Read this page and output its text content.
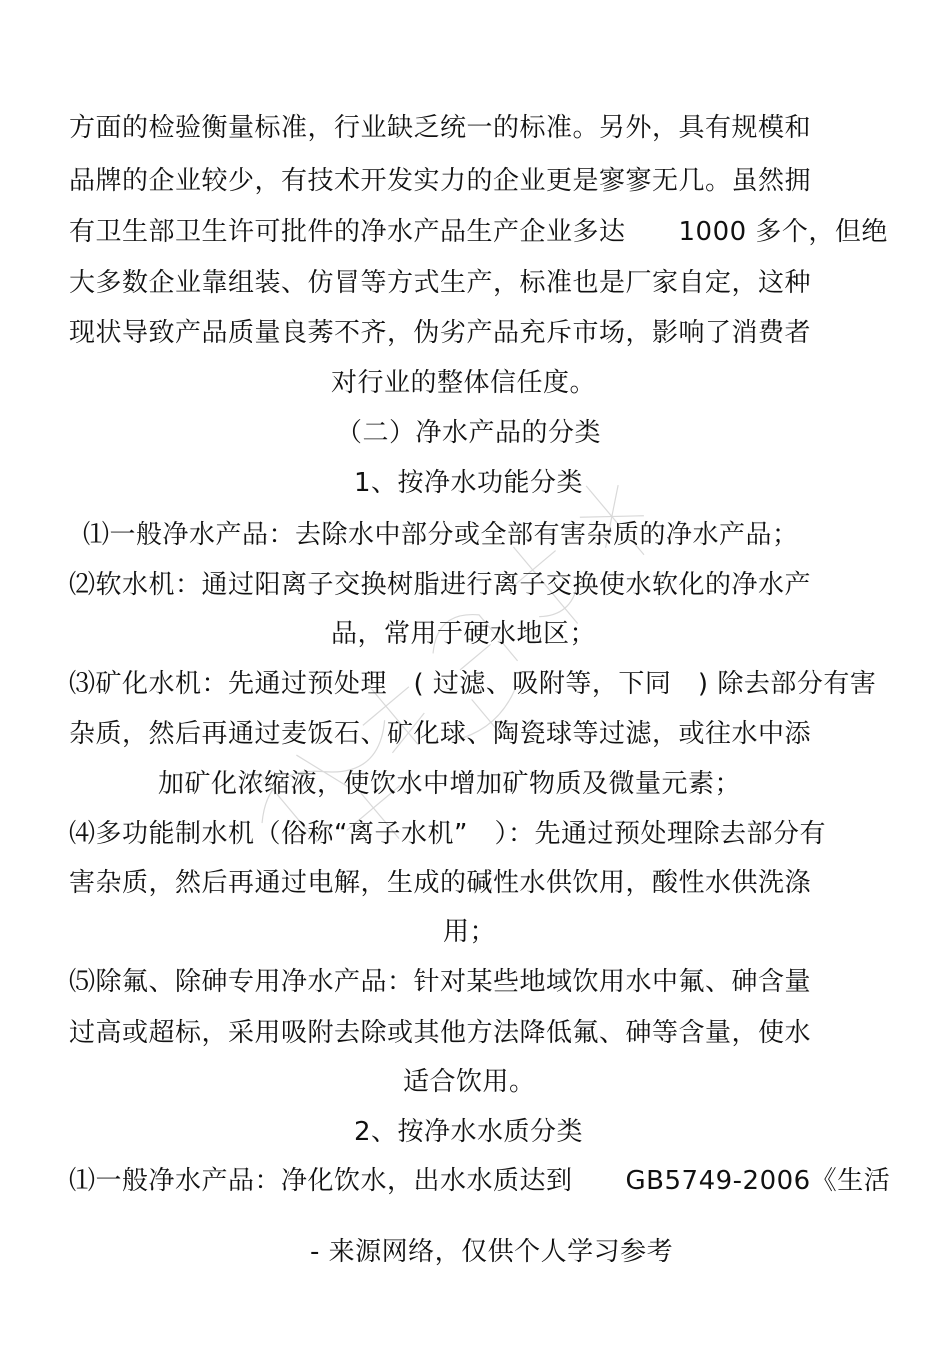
方面的检验衡量标准，行业缺乏统一的标准。另外，具有规模和
品牌的企业较少，有技术开发实力的企业更是寥寥无几。虽然拥
有卫生部卫生许可批件的净水产品生产企业多达　　1000 多个，但绝
大多数企业靠组装、仿冒等方式生产，标准也是厂家自定，这种
现状导致产品质量良莠不齐，伪劣产品充斥市场，影响了消费者
对行业的整体信任度。
（二）净水产品的分类
1、按净水功能分类
⑴一般净水产品：去除水中部分或全部有害杂质的净水产品；
⑵软水机：通过阳离子交换树脂进行离子交换使水软化的净水产
品，常用于硬水地区；
⑶矿化水机：先通过预处理　( 过滤、吸附等，下同　) 除去部分有害
杂质，然后再通过麦饭石、矿化球、陶瓷球等过滤，或往水中添
加矿化浓缩液，使饮水中增加矿物质及微量元素；
⑷多功能制水机（俗称“离子水机”　）：先通过预处理除去部分有
害杂质，然后再通过电解，生成的碱性水供饮用，酸性水供洗涤
用；
⑸除氟、除砷专用净水产品：针对某些地域饮用水中氟、砷含量
过高或超标，采用吸附去除或其他方法降低氟、砷等含量，使水
适合饮用。
2、按净水水质分类
⑴一般净水产品：净化饮水，出水水质达到　　GB5749-2006《生活
- 来源网络，仅供个人学习参考
